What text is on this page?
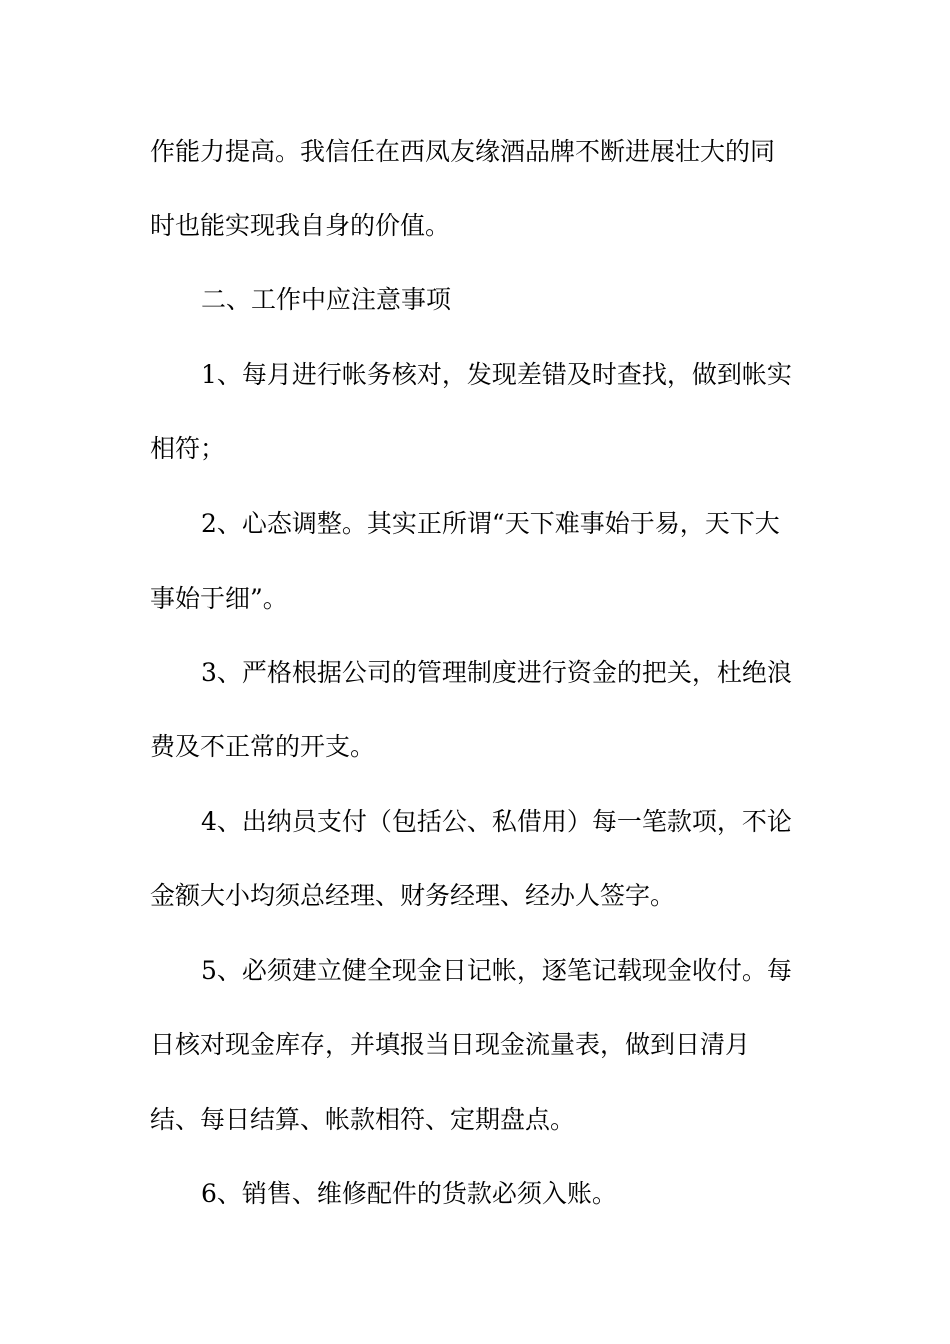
作能力提高。我信任在西凤友缘酒品牌不断进展壮大的同
时也能实现我自身的价值。
二、工作中应注意事项
1、每月进行帐务核对，发现差错及时查找，做到帐实
相符；
2、心态调整。其实正所谓“天下难事始于易，天下大
事始于细”。
3、严格根据公司的管理制度进行资金的把关，杜绝浪
费及不正常的开支。
4、出纳员支付（包括公、私借用）每一笔款项，不论
金额大小均须总经理、财务经理、经办人签字。
5、必须建立健全现金日记帐，逐笔记载现金收付。每
日核对现金库存，并填报当日现金流量表，做到日清月
结、每日结算、帐款相符、定期盘点。
6、销售、维修配件的货款必须入账。
